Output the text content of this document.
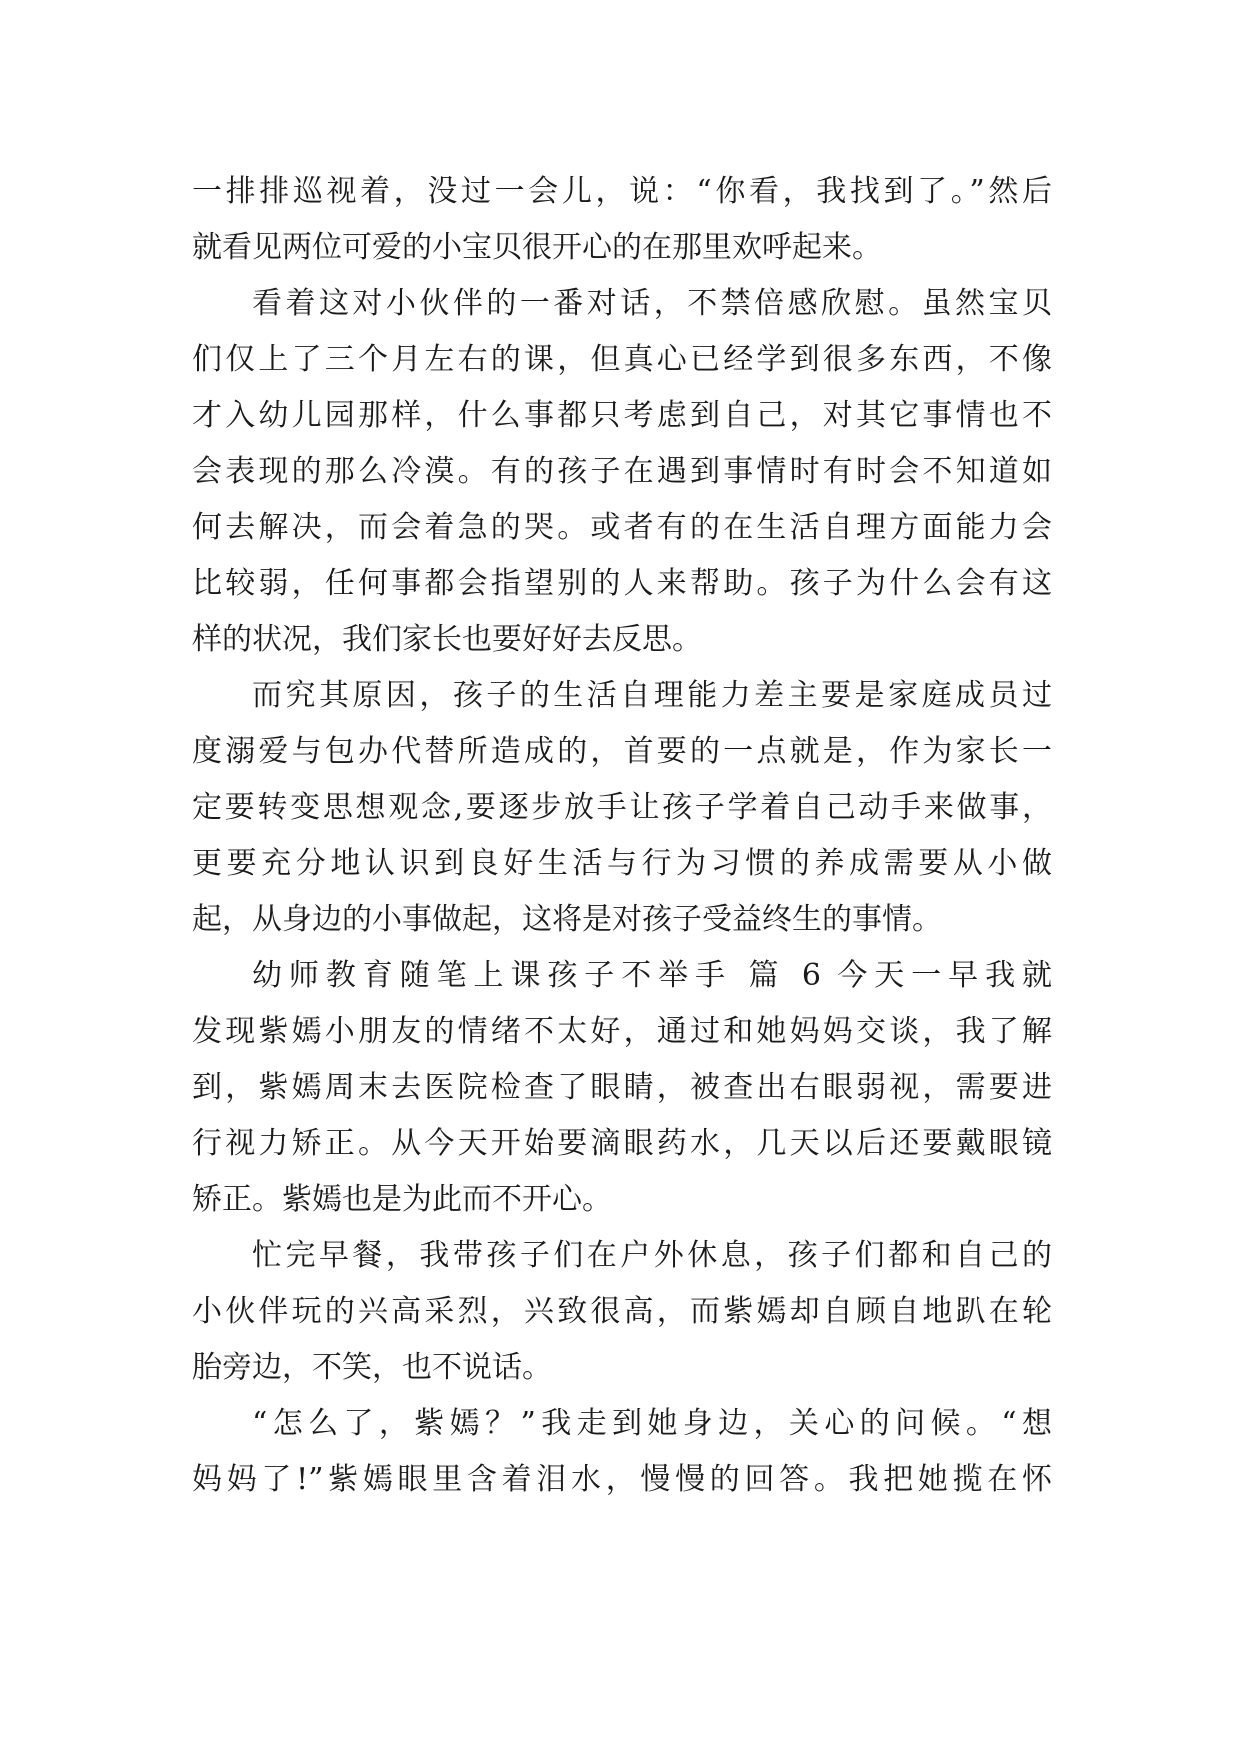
一排排巡视着，没过一会儿，说：“你看，我找到了。”然后
就看见两位可爱的小宝贝很开心的在那里欢呼起来。
看着这对小伙伴的一番对话，不禁倍感欣慰。虽然宝贝
们仅上了三个月左右的课，但真心已经学到很多东西，不像
才入幼儿园那样，什么事都只考虑到自己，对其它事情也不
会表现的那么冷漠。有的孩子在遇到事情时有时会不知道如
何去解决，而会着急的哭。或者有的在生活自理方面能力会
比较弱，任何事都会指望别的人来帮助。孩子为什么会有这
样的状况，我们家长也要好好去反思。
而究其原因，孩子的生活自理能力差主要是家庭成员过
度溺爱与包办代替所造成的，首要的一点就是，作为家长一
定要转变思想观念,要逐步放手让孩子学着自己动手来做事，
更要充分地认识到良好生活与行为习惯的养成需要从小做
起，从身边的小事做起，这将是对孩子受益终生的事情。
幼师教育随笔上课孩子不举手 篇 6 今天一早我就
发现紫嫣小朋友的情绪不太好，通过和她妈妈交谈，我了解
到，紫嫣周末去医院检查了眼睛，被查出右眼弱视，需要进
行视力矫正。从今天开始要滴眼药水，几天以后还要戴眼镜
矫正。紫嫣也是为此而不开心。
忙完早餐，我带孩子们在户外休息，孩子们都和自己的
小伙伴玩的兴高采烈，兴致很高，而紫嫣却自顾自地趴在轮
胎旁边，不笑，也不说话。
“怎么了，紫嫣？”我走到她身边，关心的问候。“想
妈妈了!”紫嫣眼里含着泪水，慢慢的回答。我把她揽在怀
